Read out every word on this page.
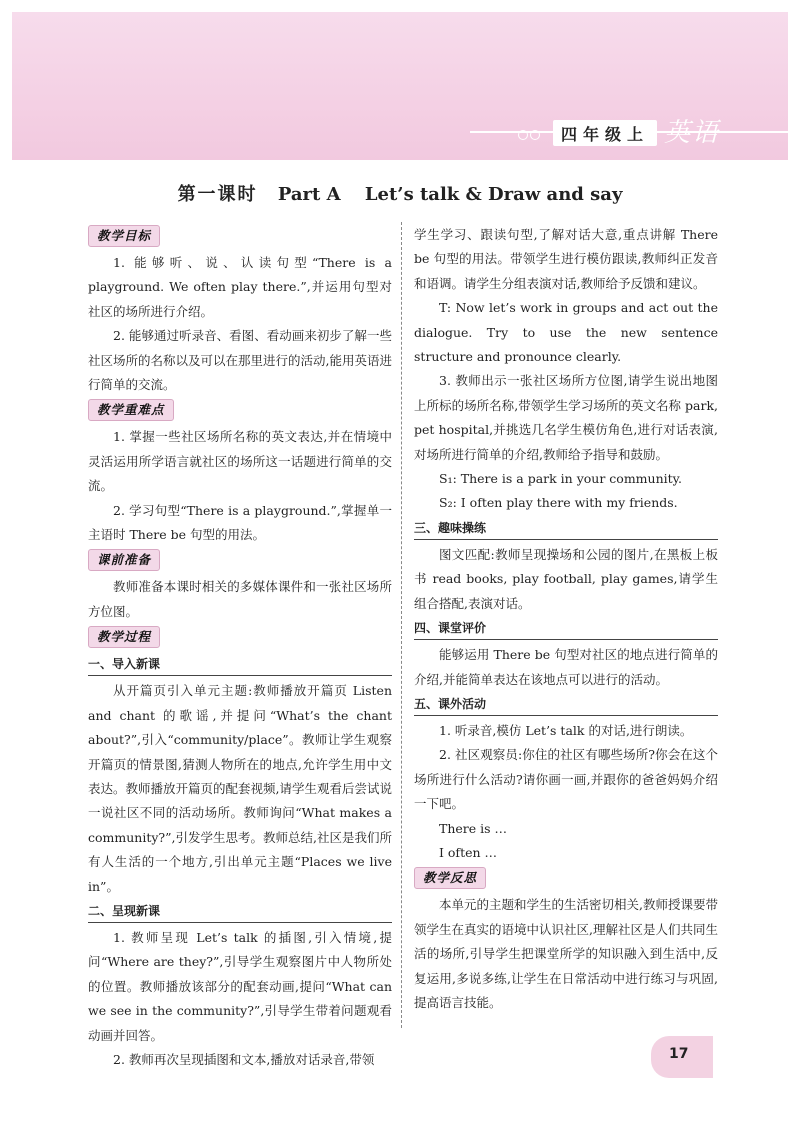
四年级上 英语
第一课时 Part A Let’s talk & Draw and say
教学目标

1. 能够听、说、认读句型“There is a playground. We often play there.”,并运用句型对社区的场所进行介绍。

2. 能够通过听录音、看图、看动画来初步了解一些社区场所的名称以及可以在那里进行的活动,能用英语进行简单的交流。

教学重难点

1. 掌握一些社区场所名称的英文表达,并在情境中灵活运用所学语言就社区的场所这一话题进行简单的交流。

2. 学习句型“There is a playground.”,掌握单一主语时 There be 句型的用法。

课前准备

教师准备本课时相关的多媒体课件和一张社区场所方位图。

教学过程
一、导入新课

从开篇页引入单元主题:教师播放开篇页 Listen and chant 的歌谣,并提问“What’s the chant about?”,引入“community/place”。教师让学生观察开篇页的情景图,猜测人物所在的地点,允许学生用中文表达。教师播放开篇页的配套视频,请学生观看后尝试说一说社区不同的活动场所。教师询问“What makes a community?”,引发学生思考。教师总结,社区是我们所有人生活的一个地方,引出单元主题“Places we live in”。

二、呈现新课

1. 教师呈现 Let’s talk 的插图,引入情境,提问“Where are they?”,引导学生观察图片中人物所处的位置。教师播放该部分的配套动画,提问“What can we see in the community?”,引导学生带着问题观看动画并回答。

2. 教师再次呈现插图和文本,播放对话录音,带领

学生学习、跟读句型,了解对话大意,重点讲解 There be 句型的用法。带领学生进行模仿跟读,教师纠正发音和语调。请学生分组表演对话,教师给予反馈和建议。

T: Now let’s work in groups and act out the dialogue. Try to use the new sentence structure and pronounce clearly.

3. 教师出示一张社区场所方位图,请学生说出地图上所标的场所名称,带领学生学习场所的英文名称 park, pet hospital,并挑选几名学生模仿角色,进行对话表演,对场所进行简单的介绍,教师给予指导和鼓励。

S₁: There is a park in your community.

S₂: I often play there with my friends.

三、趣味操练

图文匹配:教师呈现操场和公园的图片,在黑板上板书 read books, play football, play games,请学生组合搭配,表演对话。

四、课堂评价

能够运用 There be 句型对社区的地点进行简单的介绍,并能简单表达在该地点可以进行的活动。

五、课外活动

1. 听录音,模仿 Let’s talk 的对话,进行朗读。

2. 社区观察员:你住的社区有哪些场所?你会在这个场所进行什么活动?请你画一画,并跟你的爸爸妈妈介绍一下吧。

There is …

I often …

教学反思

本单元的主题和学生的生活密切相关,教师授课要带领学生在真实的语境中认识社区,理解社区是人们共同生活的场所,引导学生把课堂所学的知识融入到生活中,反复运用,多说多练,让学生在日常活动中进行练习与巩固,提高语言技能。

17
